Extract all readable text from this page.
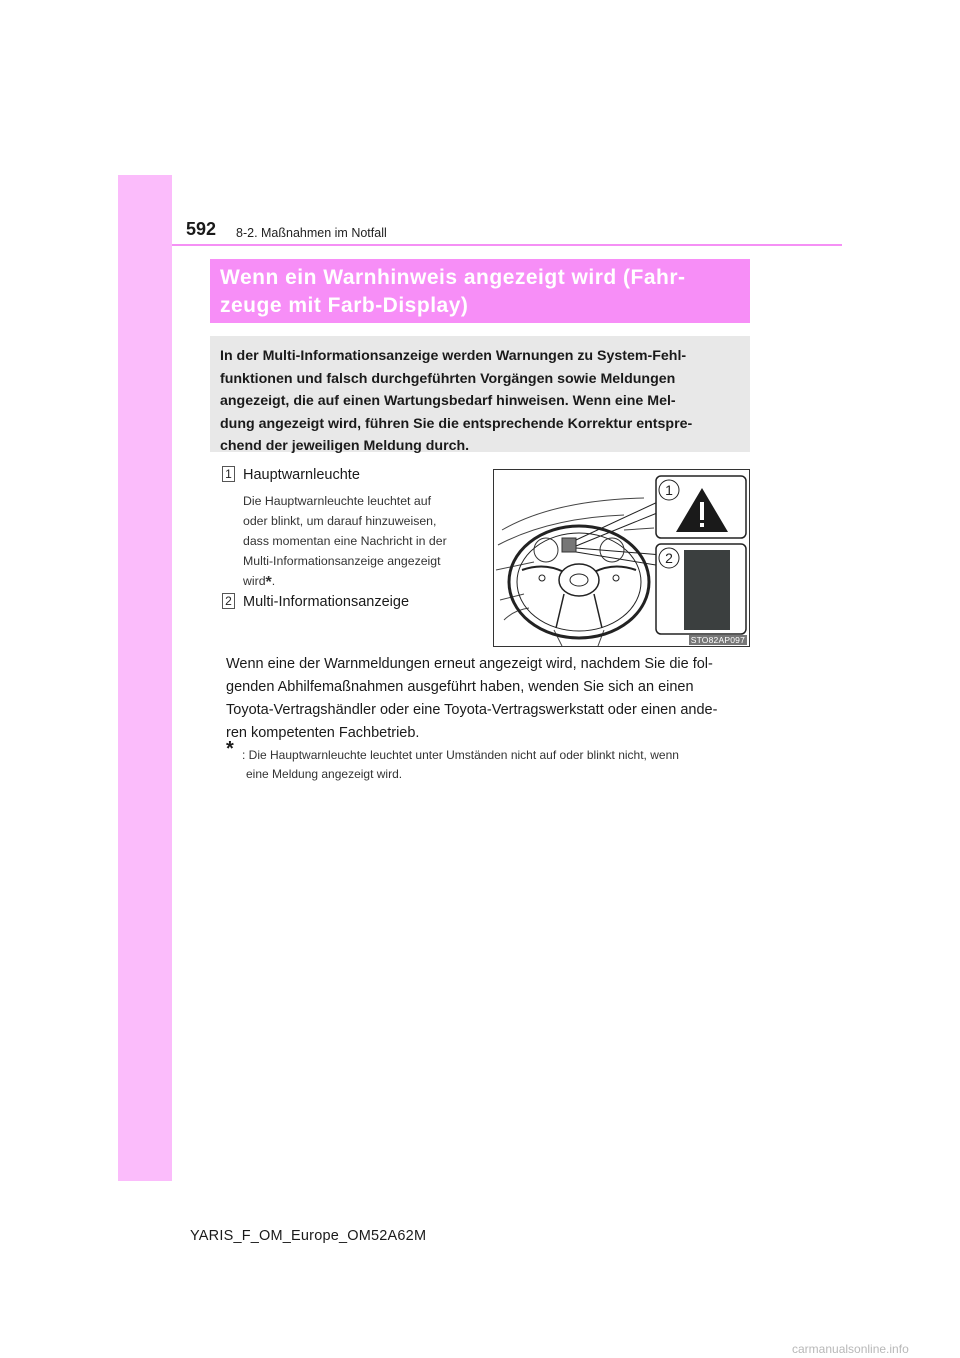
592 8-2. Maßnahmen im Notfall
Wenn ein Warnhinweis angezeigt wird (Fahr-
zeuge mit Farb-Display)
In der Multi-Informationsanzeige werden Warnungen zu System-Fehl-
funktionen und falsch durchgeführten Vorgängen sowie Meldungen
angezeigt, die auf einen Wartungsbedarf hinweisen. Wenn eine Mel-
dung angezeigt wird, führen Sie die entsprechende Korrektur entspre-
chend der jeweiligen Meldung durch.
1 Hauptwarnleuchte
Die Hauptwarnleuchte leuchtet auf
oder blinkt, um darauf hinzuweisen,
dass momentan eine Nachricht in der
Multi-Informationsanzeige angezeigt
wird*.
2 Multi-Informationsanzeige
1
2
STO82AP097
Wenn eine der Warnmeldungen erneut angezeigt wird, nachdem Sie die fol-
genden Abhilfemaßnahmen ausgeführt haben, wenden Sie sich an einen
Toyota-Vertragshändler oder eine Toyota-Vertragswerkstatt oder einen ande-
ren kompetenten Fachbetrieb.
* : Die Hauptwarnleuchte leuchtet unter Umständen nicht auf oder blinkt nicht, wenn
eine Meldung angezeigt wird.
YARIS_F_OM_Europe_OM52A62M
carmanualsonline.info
